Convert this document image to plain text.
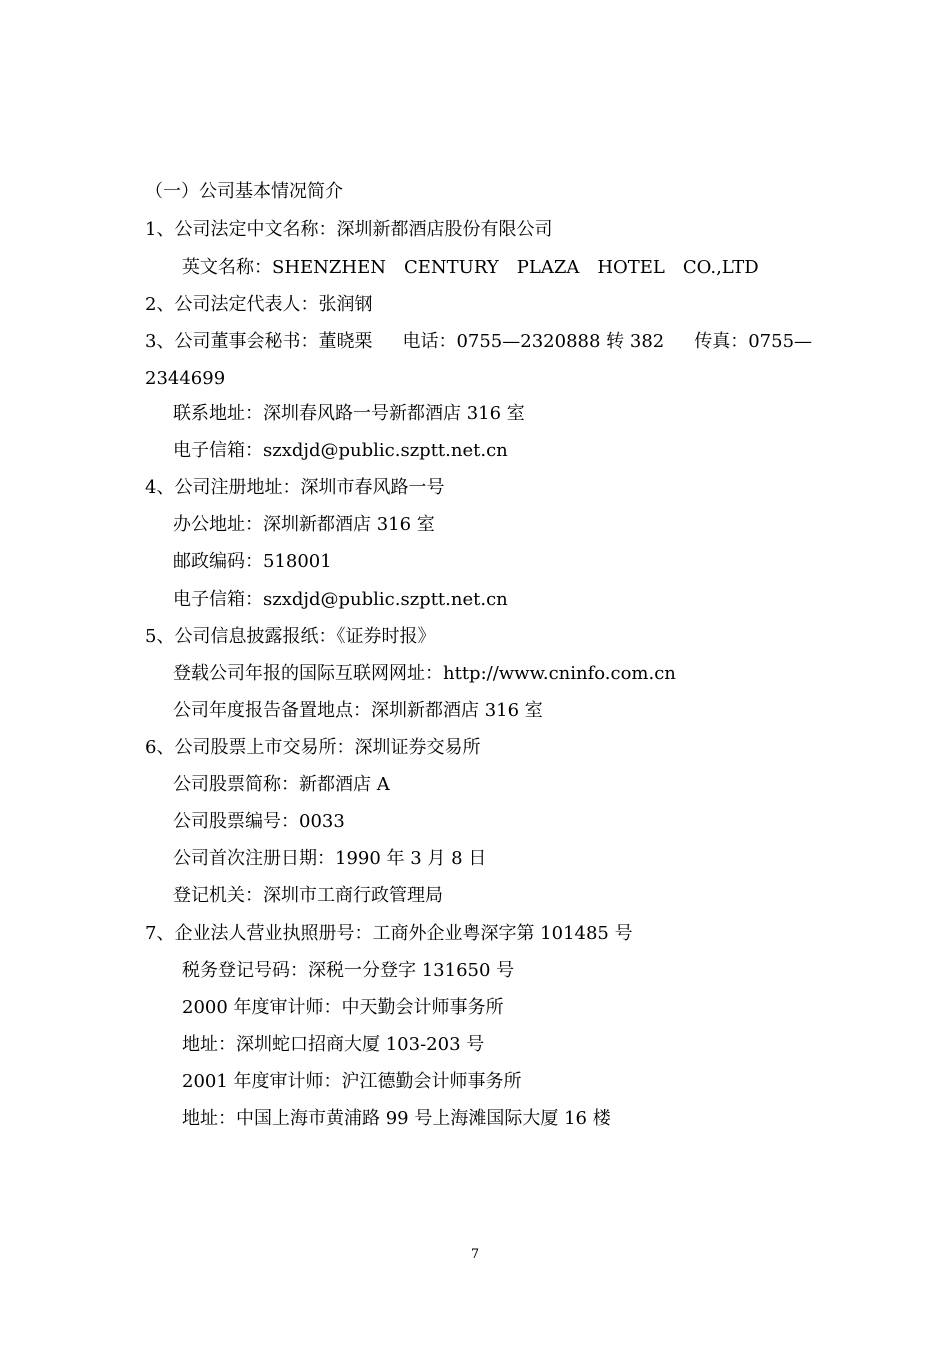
（一）公司基本情况简介
1、公司法定中文名称：深圳新都酒店股份有限公司
英文名称：SHENZHEN CENTURY PLAZA HOTEL CO.,LTD
2、公司法定代表人：张润钢
3、公司董事会秘书：董晓栗 电话：0755—2320888 转 382 传真：0755—
2344699
联系地址：深圳春风路一号新都酒店 316 室
电子信箱：szxdjd@public.szptt.net.cn
4、公司注册地址：深圳市春风路一号
办公地址：深圳新都酒店 316 室
邮政编码：518001
电子信箱：szxdjd@public.szptt.net.cn
5、公司信息披露报纸：《证券时报》
登载公司年报的国际互联网网址：http://www.cninfo.com.cn
公司年度报告备置地点：深圳新都酒店 316 室
6、公司股票上市交易所：深圳证券交易所
公司股票简称：新都酒店 A
公司股票编号：0033
公司首次注册日期：1990 年 3 月 8 日
登记机关：深圳市工商行政管理局
7、企业法人营业执照册号：工商外企业粤深字第 101485 号
税务登记号码：深税一分登字 131650 号
2000 年度审计师：中天勤会计师事务所
地址：深圳蛇口招商大厦 103-203 号
2001 年度审计师：沪江德勤会计师事务所
地址：中国上海市黄浦路 99 号上海滩国际大厦 16 楼
7
